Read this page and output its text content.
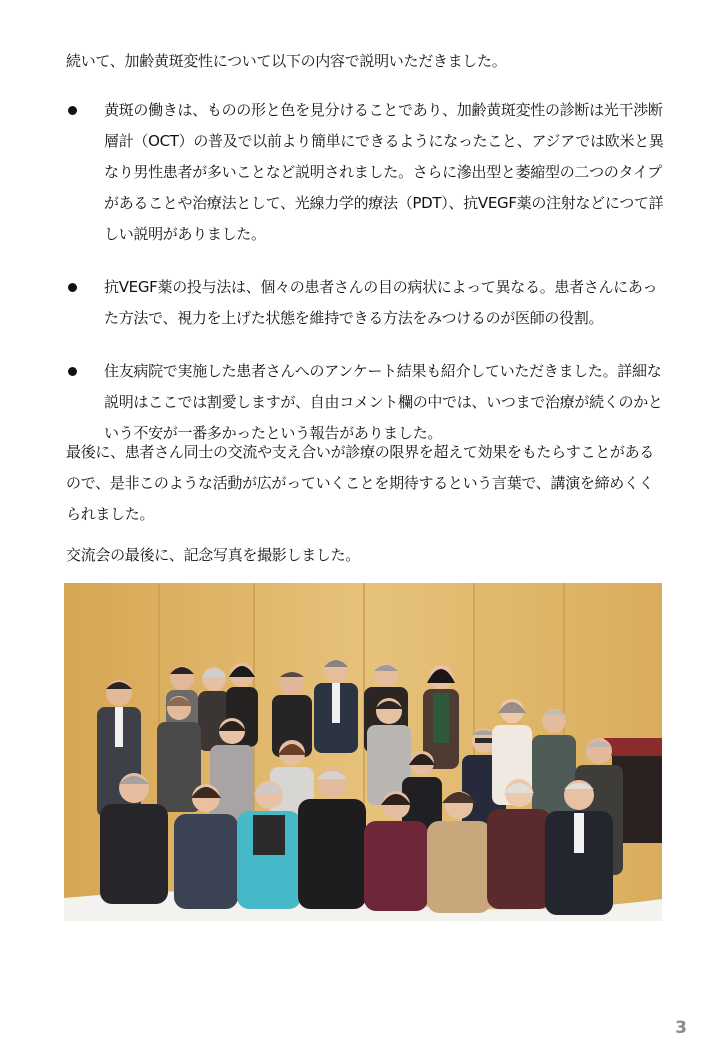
続いて、加齢黄斑変性について以下の内容で説明いただきました。

黄斑の働きは、ものの形と色を見分けることであり、加齢黄斑変性の診断は光干渉断層計（OCT）の普及で以前より簡単にできるようになったこと、アジアでは欧米と異なり男性患者が多いことなど説明されました。さらに滲出型と萎縮型の二つのタイプがあることや治療法として、光線力学的療法（PDT）、抗VEGF薬の注射などにつて詳しい説明がありました。
抗VEGF薬の投与法は、個々の患者さんの目の病状によって異なる。患者さんにあった方法で、視力を上げた状態を維持できる方法をみつけるのが医師の役割。
住友病院で実施した患者さんへのアンケート結果も紹介していただきました。詳細な説明はここでは割愛しますが、自由コメント欄の中では、いつまで治療が続くのかという不安が一番多かったという報告がありました。

最後に、患者さん同士の交流や支え合いが診療の限界を超えて効果をもたらすことがあるので、是非このような活動が広がっていくことを期待するという言葉で、講演を締めくくられました。

交流会の最後に、記念写真を撮影しました。

3
